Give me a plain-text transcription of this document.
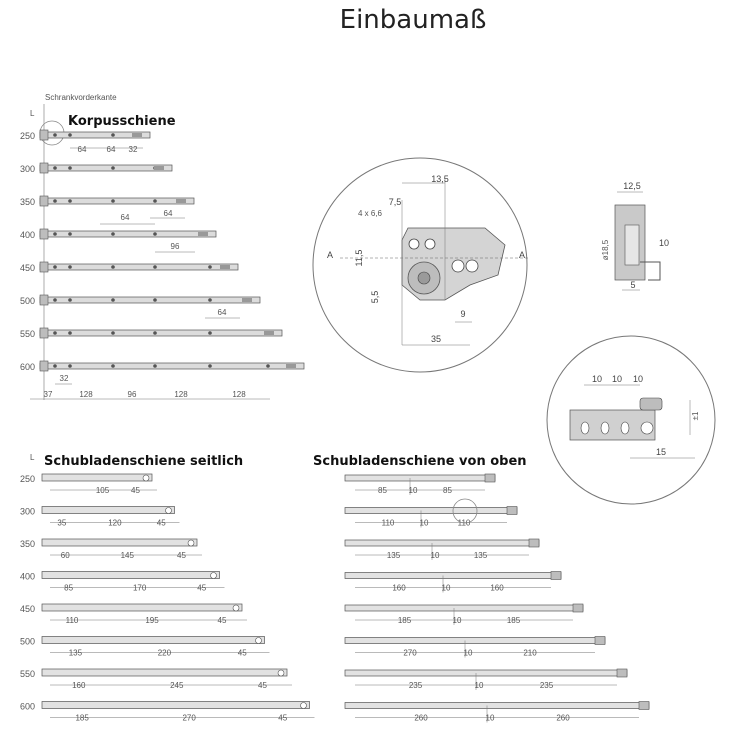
Einbaumaß
Schrankvorderkante
L
Korpusschiene
250
300
350
400
450
500
550
600
64	64 32
64	64
96
64
32
37	128	96	128	128
13,5
7,5
4 x 6,6
11,5
5,5
9
35
A	A
12,5
10
ø18,5
5
10 10 10
15
±1
L Schubladenschiene seitlich
250
105	45
300
35	120	45
350
60	145	45
400
85	170	45
450
110	195	45
500
135	220	45
550
160	245	45
600
185	270	45
Schubladenschiene von oben
85	10	85
110	10	110
135	10	135
160	10	160
185	10	185
270	10	210
235	10	235
260	10	260
